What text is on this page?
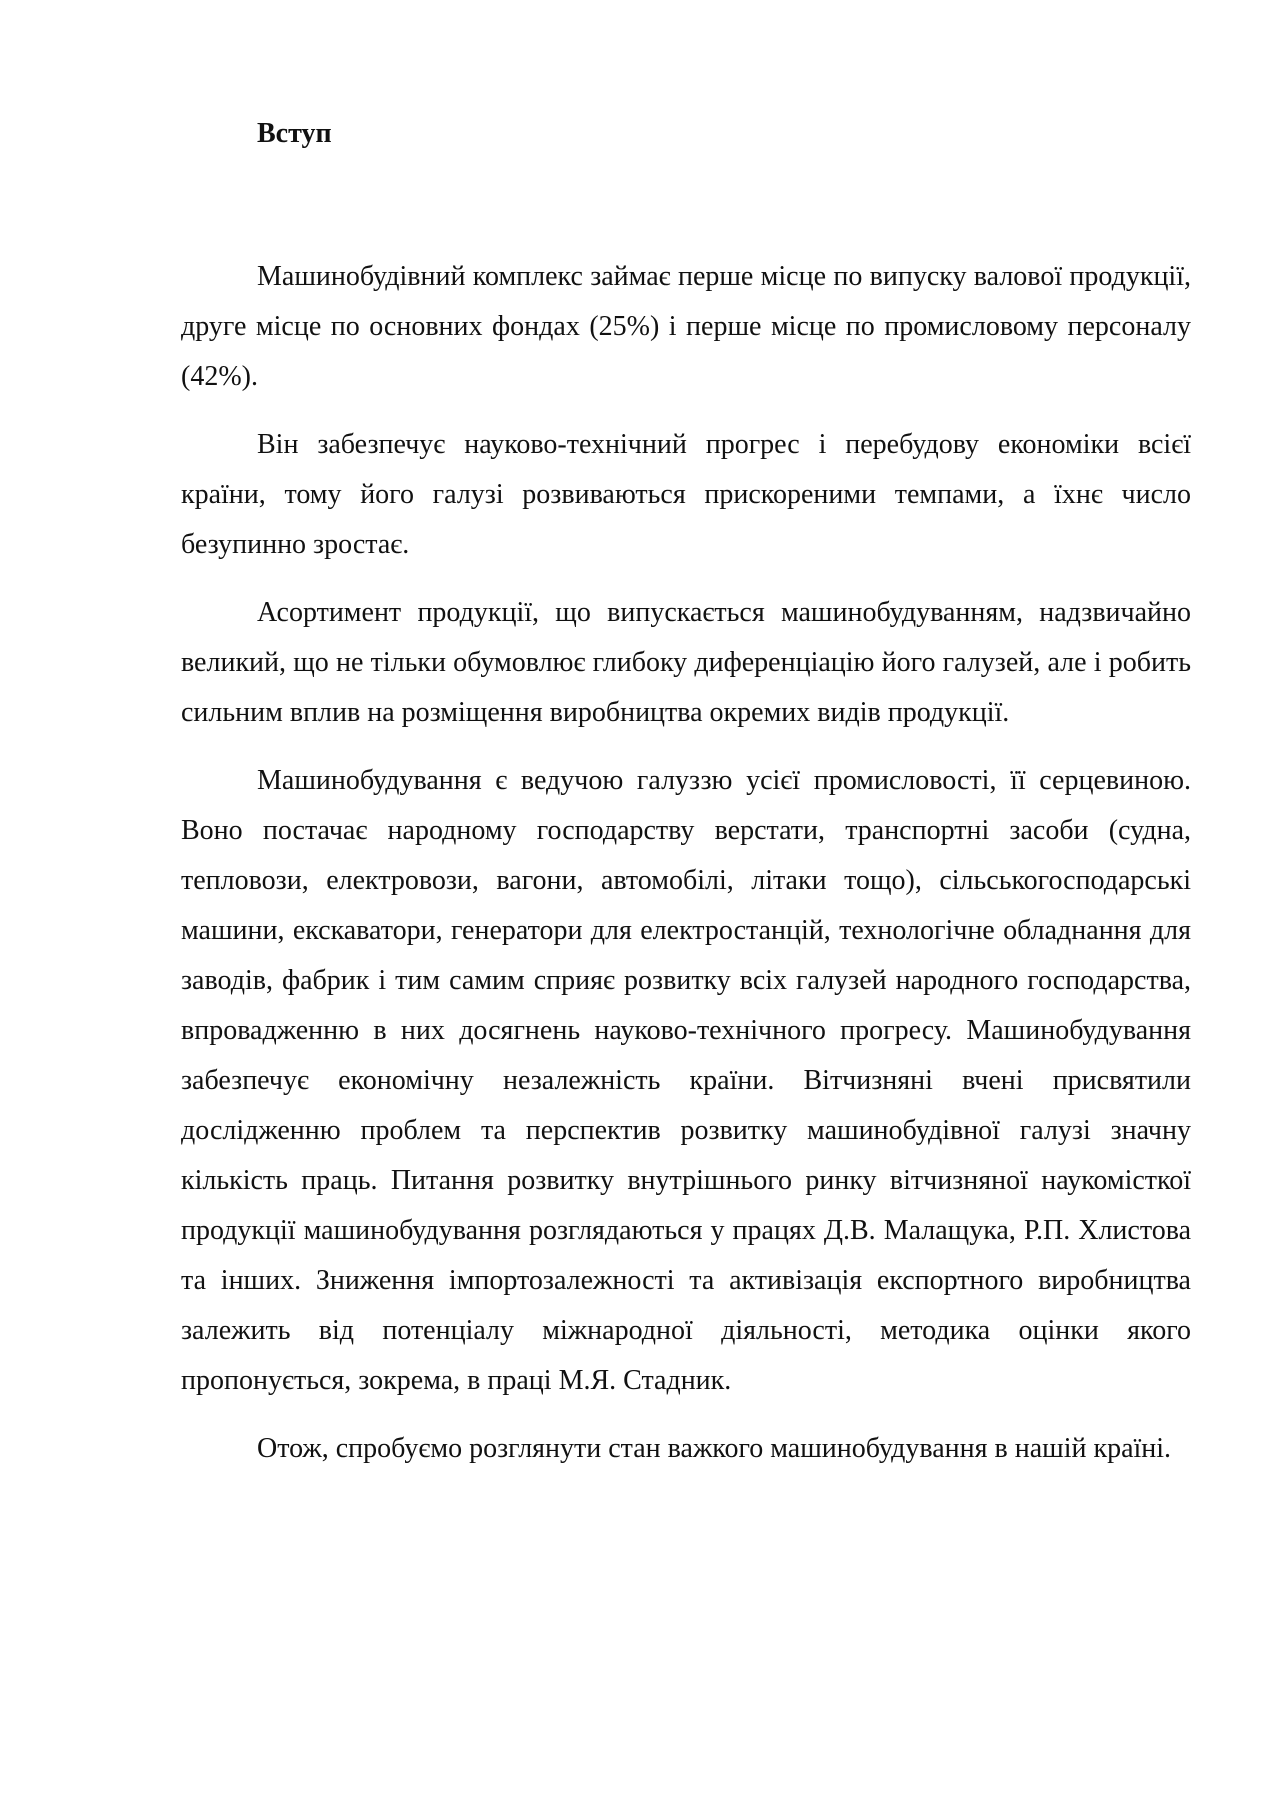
Вступ

Машинобудівний комплекс займає перше місце по випуску валової продукції, друге місце по основних фондах (25%) і перше місце по промисловому персоналу (42%).

Він забезпечує науково-технічний прогрес і перебудову економіки всієї країни, тому його галузі розвиваються прискореними темпами, а їхнє число безупинно зростає.

Асортимент продукції, що випускається машинобудуванням, надзвичайно великий, що не тільки обумовлює глибоку диференціацію його галузей, але і робить сильним вплив на розміщення виробництва окремих видів продукції.

Машинобудування є ведучою галуззю усієї промисловості, її серцевиною. Воно постачає народному господарству верстати, транспортні засоби (судна, тепловози, електровози, вагони, автомобілі, літаки тощо), сільськогосподарські машини, екскаватори, генератори для електростанцій, технологічне обладнання для заводів, фабрик і тим самим сприяє розвитку всіх галузей народного господарства, впровадженню в них досягнень науково-технічного прогресу. Машинобудування забезпечує економічну незалежність країни. Вітчизняні вчені присвятили дослідженню проблем та перспектив розвитку машинобудівної галузі значну кількість праць. Питання розвитку внутрішнього ринку вітчизняної наукомісткої продукції машинобудування розглядаються у працях Д.В. Малащука, Р.П. Хлистова та інших. Зниження імпортозалежності та активізація експортного виробництва залежить від потенціалу міжнародної діяльності, методика оцінки якого пропонується, зокрема, в праці М.Я. Стадник.

Отож, спробуємо розглянути стан важкого машинобудування в нашій країні.
